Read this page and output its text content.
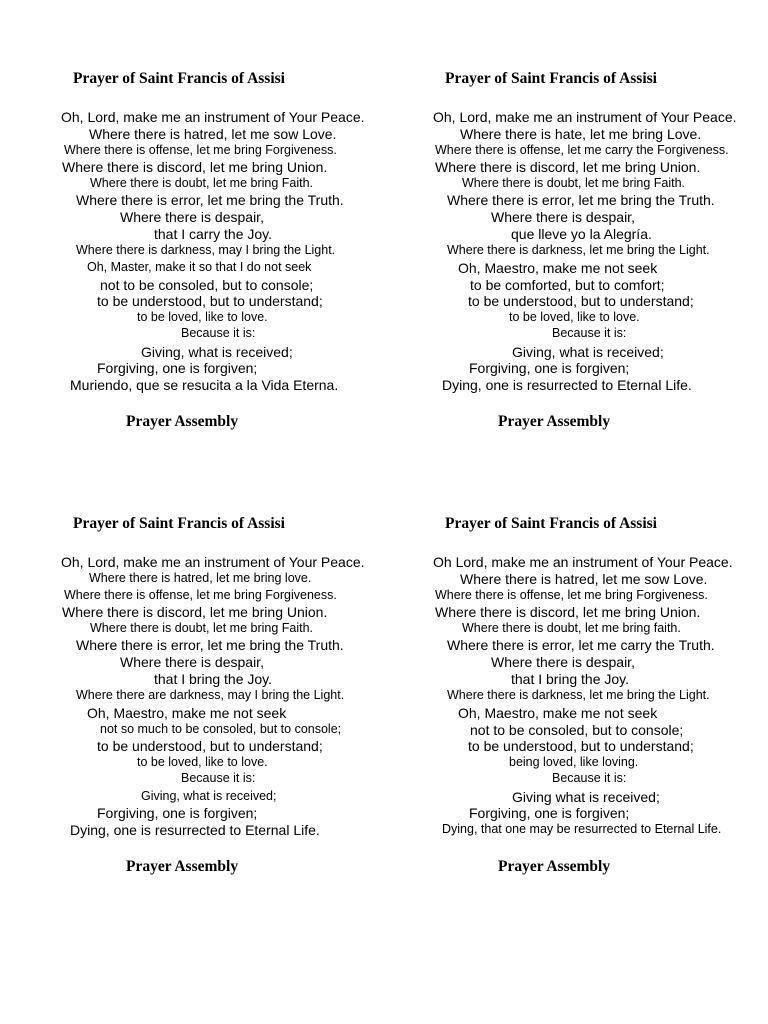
Prayer of Saint Francis of Assisi
Oh, Lord, make me an instrument of Your Peace.
Where there is hatred, let me sow Love.
Where there is offense, let me bring Forgiveness.
Where there is discord, let me bring Union.
Where there is doubt, let me bring Faith.
Where there is error, let me bring the Truth.
Where there is despair,
that I carry the Joy.
Where there is darkness, may I bring the Light.
Oh, Master, make it so that I do not seek
not to be consoled, but to console;
to be understood, but to understand;
to be loved, like to love.
Because it is:
Giving, what is received;
Forgiving, one is forgiven;
Muriendo, que se resucita a la Vida Eterna.
Prayer Assembly
Prayer of Saint Francis of Assisi
Oh, Lord, make me an instrument of Your Peace.
Where there is hate, let me bring Love.
Where there is offense, let me carry the Forgiveness.
Where there is discord, let me bring Union.
Where there is doubt, let me bring Faith.
Where there is error, let me bring the Truth.
Where there is despair,
que lleve yo la Alegría.
Where there is darkness, let me bring the Light.
Oh, Maestro, make me not seek
to be comforted, but to comfort;
to be understood, but to understand;
to be loved, like to love.
Because it is:
Giving, what is received;
Forgiving, one is forgiven;
Dying, one is resurrected to Eternal Life.
Prayer Assembly
Prayer of Saint Francis of Assisi
Oh, Lord, make me an instrument of Your Peace.
Where there is hatred, let me bring love.
Where there is offense, let me bring Forgiveness.
Where there is discord, let me bring Union.
Where there is doubt, let me bring Faith.
Where there is error, let me bring the Truth.
Where there is despair,
that I bring the Joy.
Where there are darkness, may I bring the Light.
Oh, Maestro, make me not seek
not so much to be consoled, but to console;
to be understood, but to understand;
to be loved, like to love.
Because it is:
Giving, what is received;
Forgiving, one is forgiven;
Dying, one is resurrected to Eternal Life.
Prayer Assembly
Prayer of Saint Francis of Assisi
Oh Lord, make me an instrument of Your Peace.
Where there is hatred, let me sow Love.
Where there is offense, let me bring Forgiveness.
Where there is discord, let me bring Union.
Where there is doubt, let me bring faith.
Where there is error, let me carry the Truth.
Where there is despair,
that I bring the Joy.
Where there is darkness, let me bring the Light.
Oh, Maestro, make me not seek
not to be consoled, but to console;
to be understood, but to understand;
being loved, like loving.
Because it is:
Giving what is received;
Forgiving, one is forgiven;
Dying, that one may be resurrected to Eternal Life.
Prayer Assembly
